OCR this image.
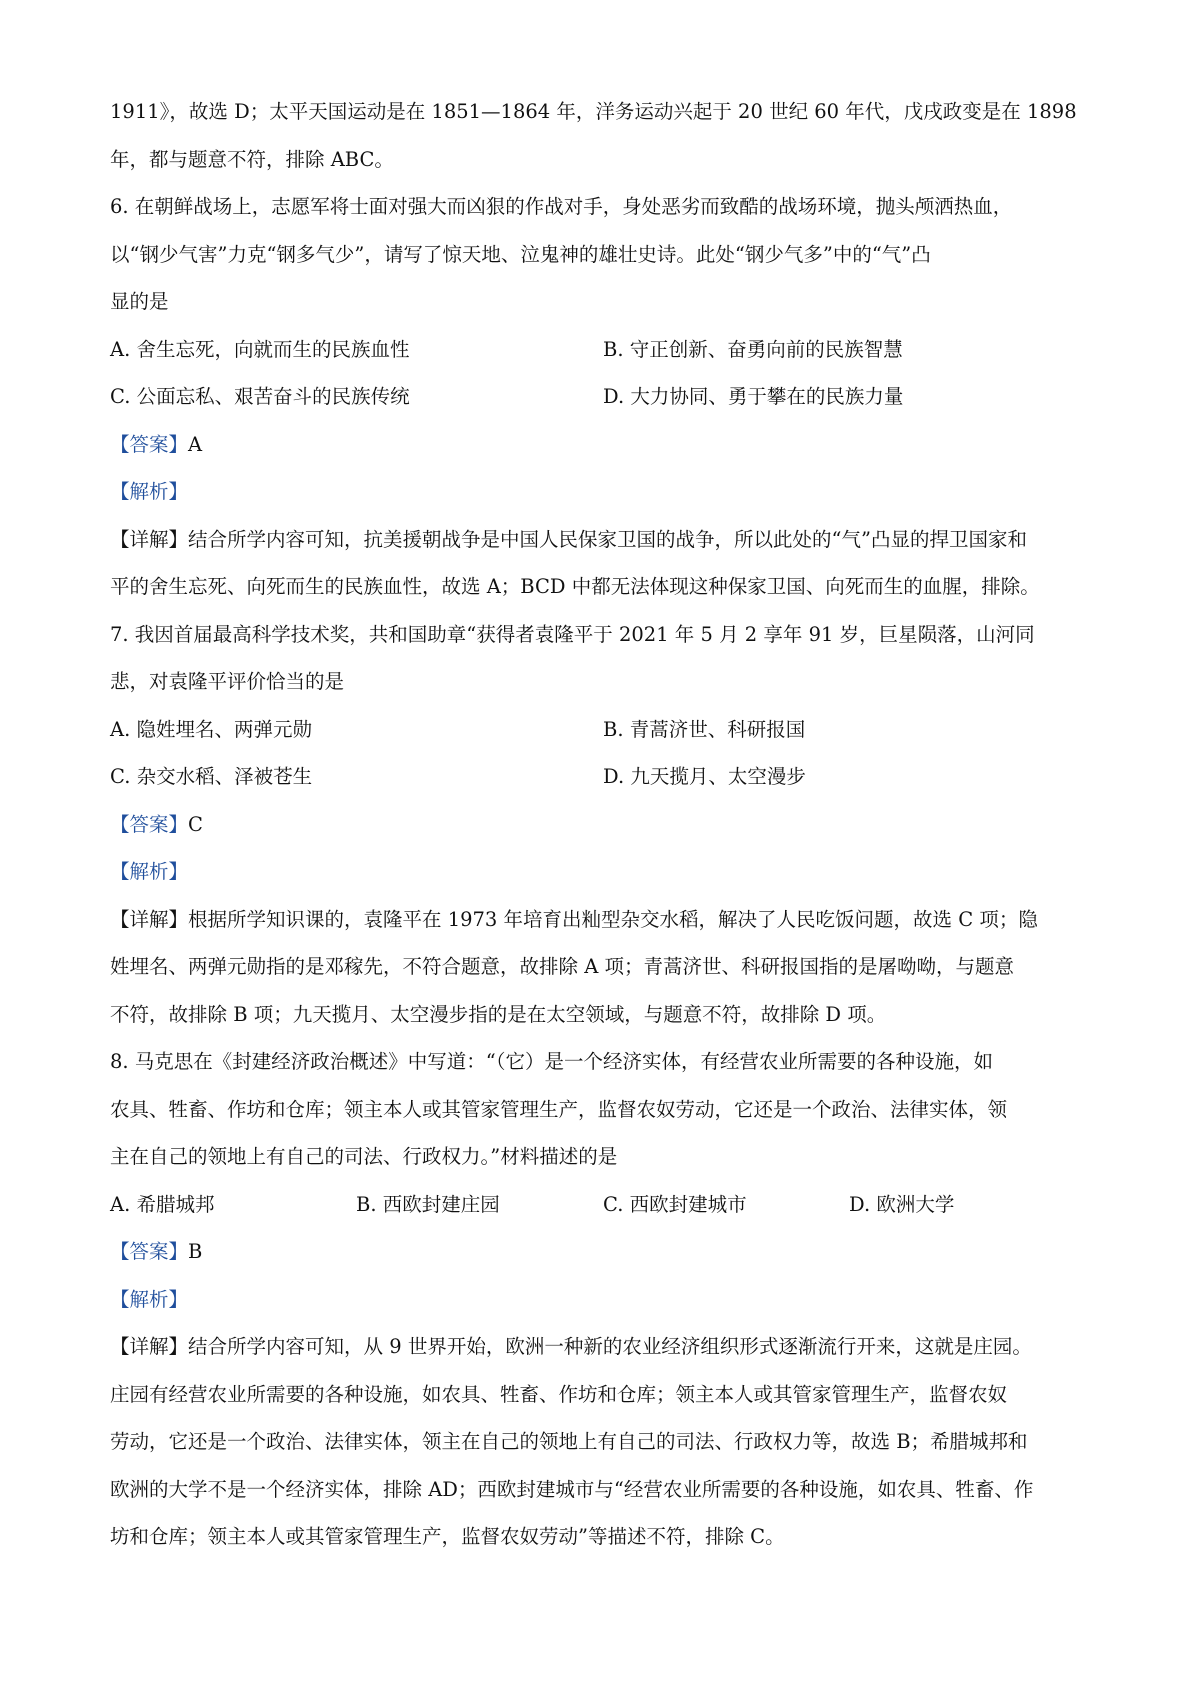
1911》，故选 D；太平天国运动是在 1851—1864 年，洋务运动兴起于 20 世纪 60 年代，戊戌政变是在 1898

年，都与题意不符，排除 ABC。

6. 在朝鲜战场上，志愿军将士面对强大而凶狠的作战对手，身处恶劣而致酷的战场环境，抛头颅洒热血，

以“钢少气害”力克“钢多气少”，请写了惊天地、泣鬼神的雄壮史诗。此处“钢少气多”中的“气”凸

显的是

A. 舍生忘死，向就而生的民族血性	B. 守正创新、奋勇向前的民族智慧
C. 公面忘私、艰苦奋斗的民族传统	D. 大力协同、勇于攀在的民族力量

【答案】A

【解析】

【详解】结合所学内容可知，抗美援朝战争是中国人民保家卫国的战争，所以此处的“气”凸显的捍卫国家和

平的舍生忘死、向死而生的民族血性，故选 A；BCD 中都无法体现这种保家卫国、向死而生的血腥，排除。

7. 我因首届最高科学技术奖，共和国助章“获得者袁隆平于 2021 年 5 月 2 享年 91 岁，巨星陨落，山河同

悲，对袁隆平评价恰当的是

A. 隐姓埋名、两弹元勋	B. 青蒿济世、科研报国
C. 杂交水稻、泽被苍生	D. 九天揽月、太空漫步

【答案】C

【解析】

【详解】根据所学知识课的，袁隆平在 1973 年培育出籼型杂交水稻，解决了人民吃饭问题，故选 C 项；隐

姓埋名、两弹元勋指的是邓稼先，不符合题意，故排除 A 项；青蒿济世、科研报国指的是屠呦呦，与题意

不符，故排除 B 项；九天揽月、太空漫步指的是在太空领域，与题意不符，故排除 D 项。

8. 马克思在《封建经济政治概述》中写道：“（它）是一个经济实体，有经营农业所需要的各种设施，如

农具、牲畜、作坊和仓库；领主本人或其管家管理生产，监督农奴劳动，它还是一个政治、法律实体，领

主在自己的领地上有自己的司法、行政权力。”材料描述的是

A. 希腊城邦	B. 西欧封建庄园	C. 西欧封建城市	D. 欧洲大学

【答案】B

【解析】

【详解】结合所学内容可知，从 9 世界开始，欧洲一种新的农业经济组织形式逐渐流行开来，这就是庄园。

庄园有经营农业所需要的各种设施，如农具、牲畜、作坊和仓库；领主本人或其管家管理生产，监督农奴

劳动，它还是一个政治、法律实体，领主在自己的领地上有自己的司法、行政权力等，故选 B；希腊城邦和

欧洲的大学不是一个经济实体，排除 AD；西欧封建城市与“经营农业所需要的各种设施，如农具、牲畜、作

坊和仓库；领主本人或其管家管理生产，监督农奴劳动”等描述不符，排除 C。
